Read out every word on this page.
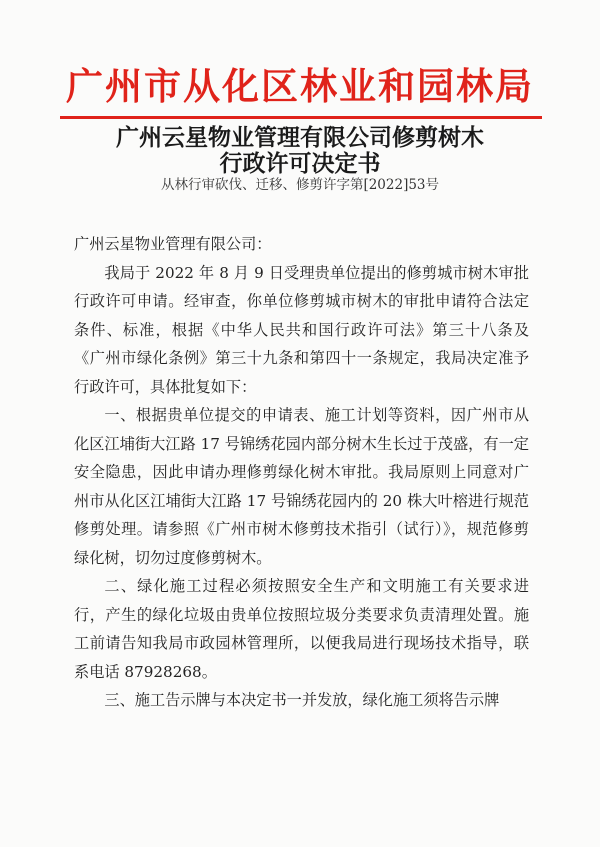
广州市从化区林业和园林局
广州云星物业管理有限公司修剪树木
行政许可决定书
从林行审砍伐、迁移、修剪许字第[2022]53号

广州云星物业管理有限公司：

我局于 2022 年 8 月 9 日受理贵单位提出的修剪城市树木审批行政许可申请。经审查，你单位修剪城市树木的审批申请符合法定条件、标准，根据《中华人民共和国行政许可法》第三十八条及《广州市绿化条例》第三十九条和第四十一条规定，我局决定准予行政许可，具体批复如下：

一、根据贵单位提交的申请表、施工计划等资料，因广州市从化区江埔街大江路 17 号锦绣花园内部分树木生长过于茂盛，有一定安全隐患，因此申请办理修剪绿化树木审批。我局原则上同意对广州市从化区江埔街大江路 17 号锦绣花园内的 20 株大叶榕进行规范修剪处理。请参照《广州市树木修剪技术指引（试行）》，规范修剪绿化树，切勿过度修剪树木。

二、绿化施工过程必须按照安全生产和文明施工有关要求进行，产生的绿化垃圾由贵单位按照垃圾分类要求负责清理处置。施工前请告知我局市政园林管理所，以便我局进行现场技术指导，联系电话 87928268。

三、施工告示牌与本决定书一并发放，绿化施工须将告示牌
